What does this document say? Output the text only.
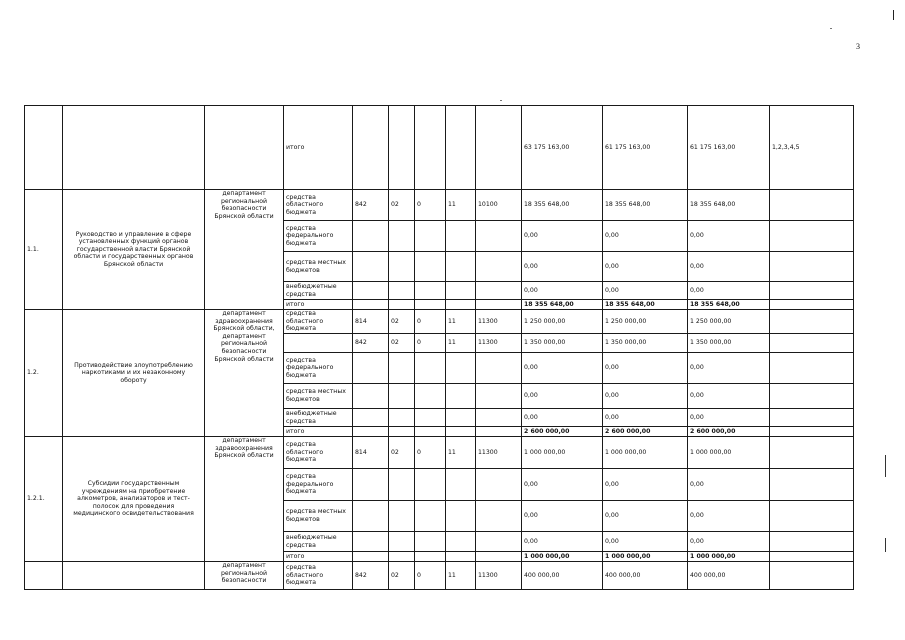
3
			итого						63 175 163,00	61 175 163,00	61 175 163,00	1,2,3,4,5
1.1.	Руководство и управление в сфере установленных функций органов государственной власти Брянской области и государственных органов Брянской области	департамент региональной безопасности Брянской области	средства областного бюджета	842	02	0	11	10100	18 355 648,00	18 355 648,00	18 355 648,00	
			средства федерального бюджета						0,00	0,00	0,00	
			средства местных бюджетов						0,00	0,00	0,00	
			внебюджетные средства						0,00	0,00	0,00	
			итого						18 355 648,00	18 355 648,00	18 355 648,00	
1.2.	Противодействие злоупотреблению наркотиками и их незаконному обороту	департамент здравоохранения Брянской области, департамент региональной безопасности Брянской области	средства областного бюджета	814	02	0	11	11300	1 250 000,00	1 250 000,00	1 250 000,00	
				842	02	0	11	11300	1 350 000,00	1 350 000,00	1 350 000,00	
			средства федерального бюджета						0,00	0,00	0,00	
			средства местных бюджетов						0,00	0,00	0,00	
			внебюджетные средства						0,00	0,00	0,00	
			итого						2 600 000,00	2 600 000,00	2 600 000,00	
1.2.1.	Субсидии государственным учреждениям на приобретение алкометров, анализаторов и тест-полосок для проведения медицинского освидетельствования	департамент здравоохранения Брянской области	средства областного бюджета	814	02	0	11	11300	1 000 000,00	1 000 000,00	1 000 000,00	
			средства федерального бюджета						0,00	0,00	0,00	
			средства местных бюджетов						0,00	0,00	0,00	
			внебюджетные средства						0,00	0,00	0,00	
			итого						1 000 000,00	1 000 000,00	1 000 000,00	
		департамент региональной безопасности	средства областного бюджета	842	02	0	11	11300	400 000,00	400 000,00	400 000,00	
